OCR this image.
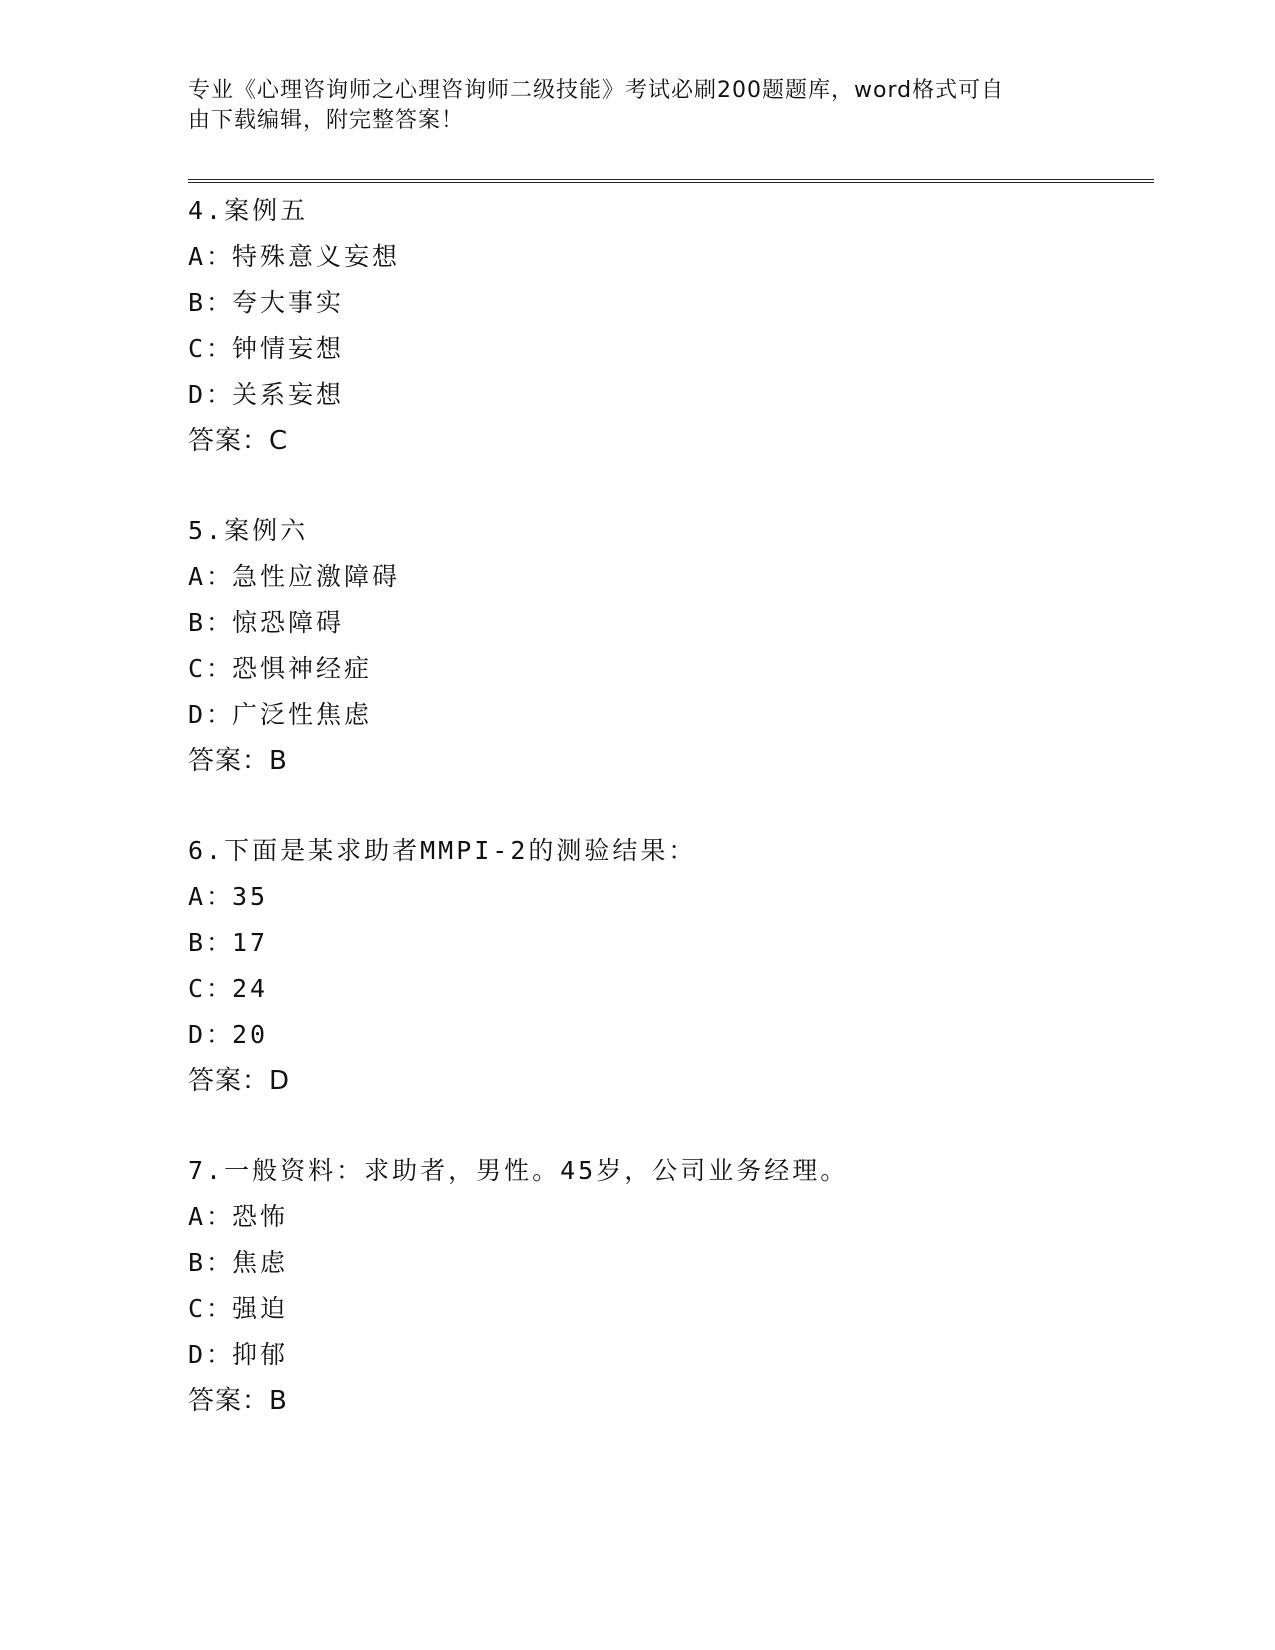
专业《心理咨询师之心理咨询师二级技能》考试必刷200题题库，word格式可自
由下载编辑，附完整答案！
4.案例五
A：特殊意义妄想
B：夸大事实
C：钟情妄想
D：关系妄想
答案：C
5.案例六
A：急性应激障碍
B：惊恐障碍
C：恐惧神经症
D：广泛性焦虑
答案：B
6.下面是某求助者MMPI-2的测验结果：
A：35
B：17
C：24
D：20
答案：D
7.一般资料：求助者，男性。45岁，公司业务经理。
A：恐怖
B：焦虑
C：强迫
D：抑郁
答案：B
